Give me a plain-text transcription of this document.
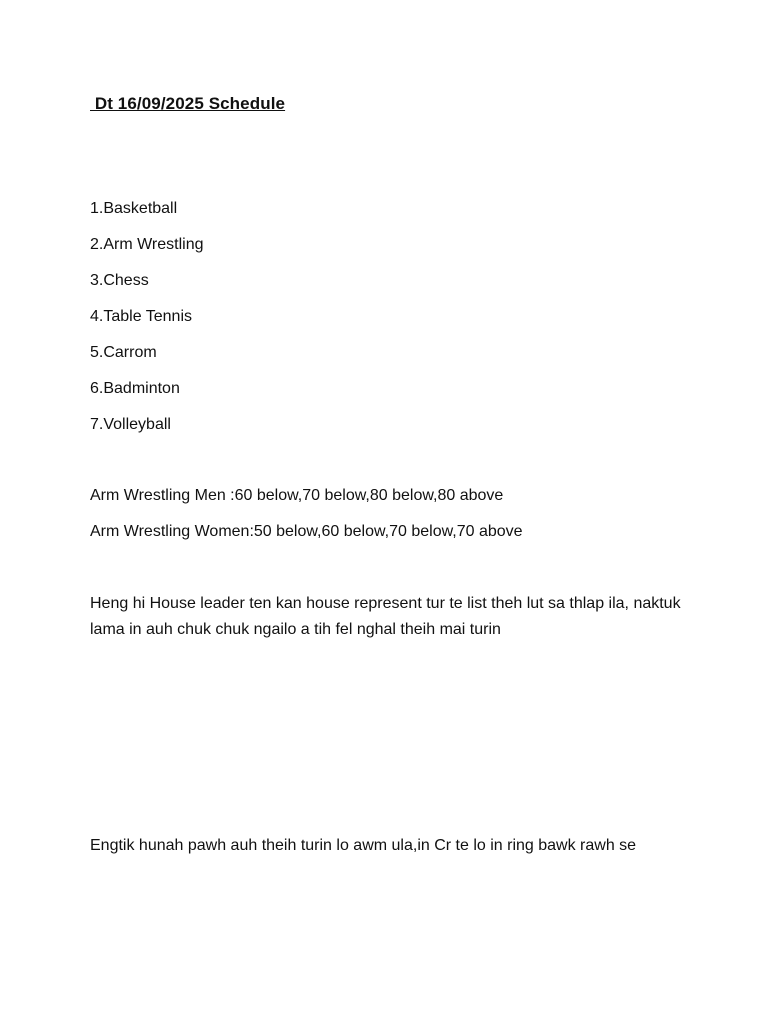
Dt 16/09/2025 Schedule
1.Basketball
2.Arm Wrestling
3.Chess
4.Table Tennis
5.Carrom
6.Badminton
7.Volleyball
Arm Wrestling Men :60 below,70 below,80 below,80 above
Arm Wrestling Women:50 below,60 below,70 below,70 above
Heng hi House leader ten kan house represent tur te list theh lut sa thlap ila, naktuk lama in auh chuk chuk ngailo a tih fel nghal theih mai turin
Engtik hunah pawh auh theih turin lo awm ula,in Cr te lo in ring bawk rawh se
